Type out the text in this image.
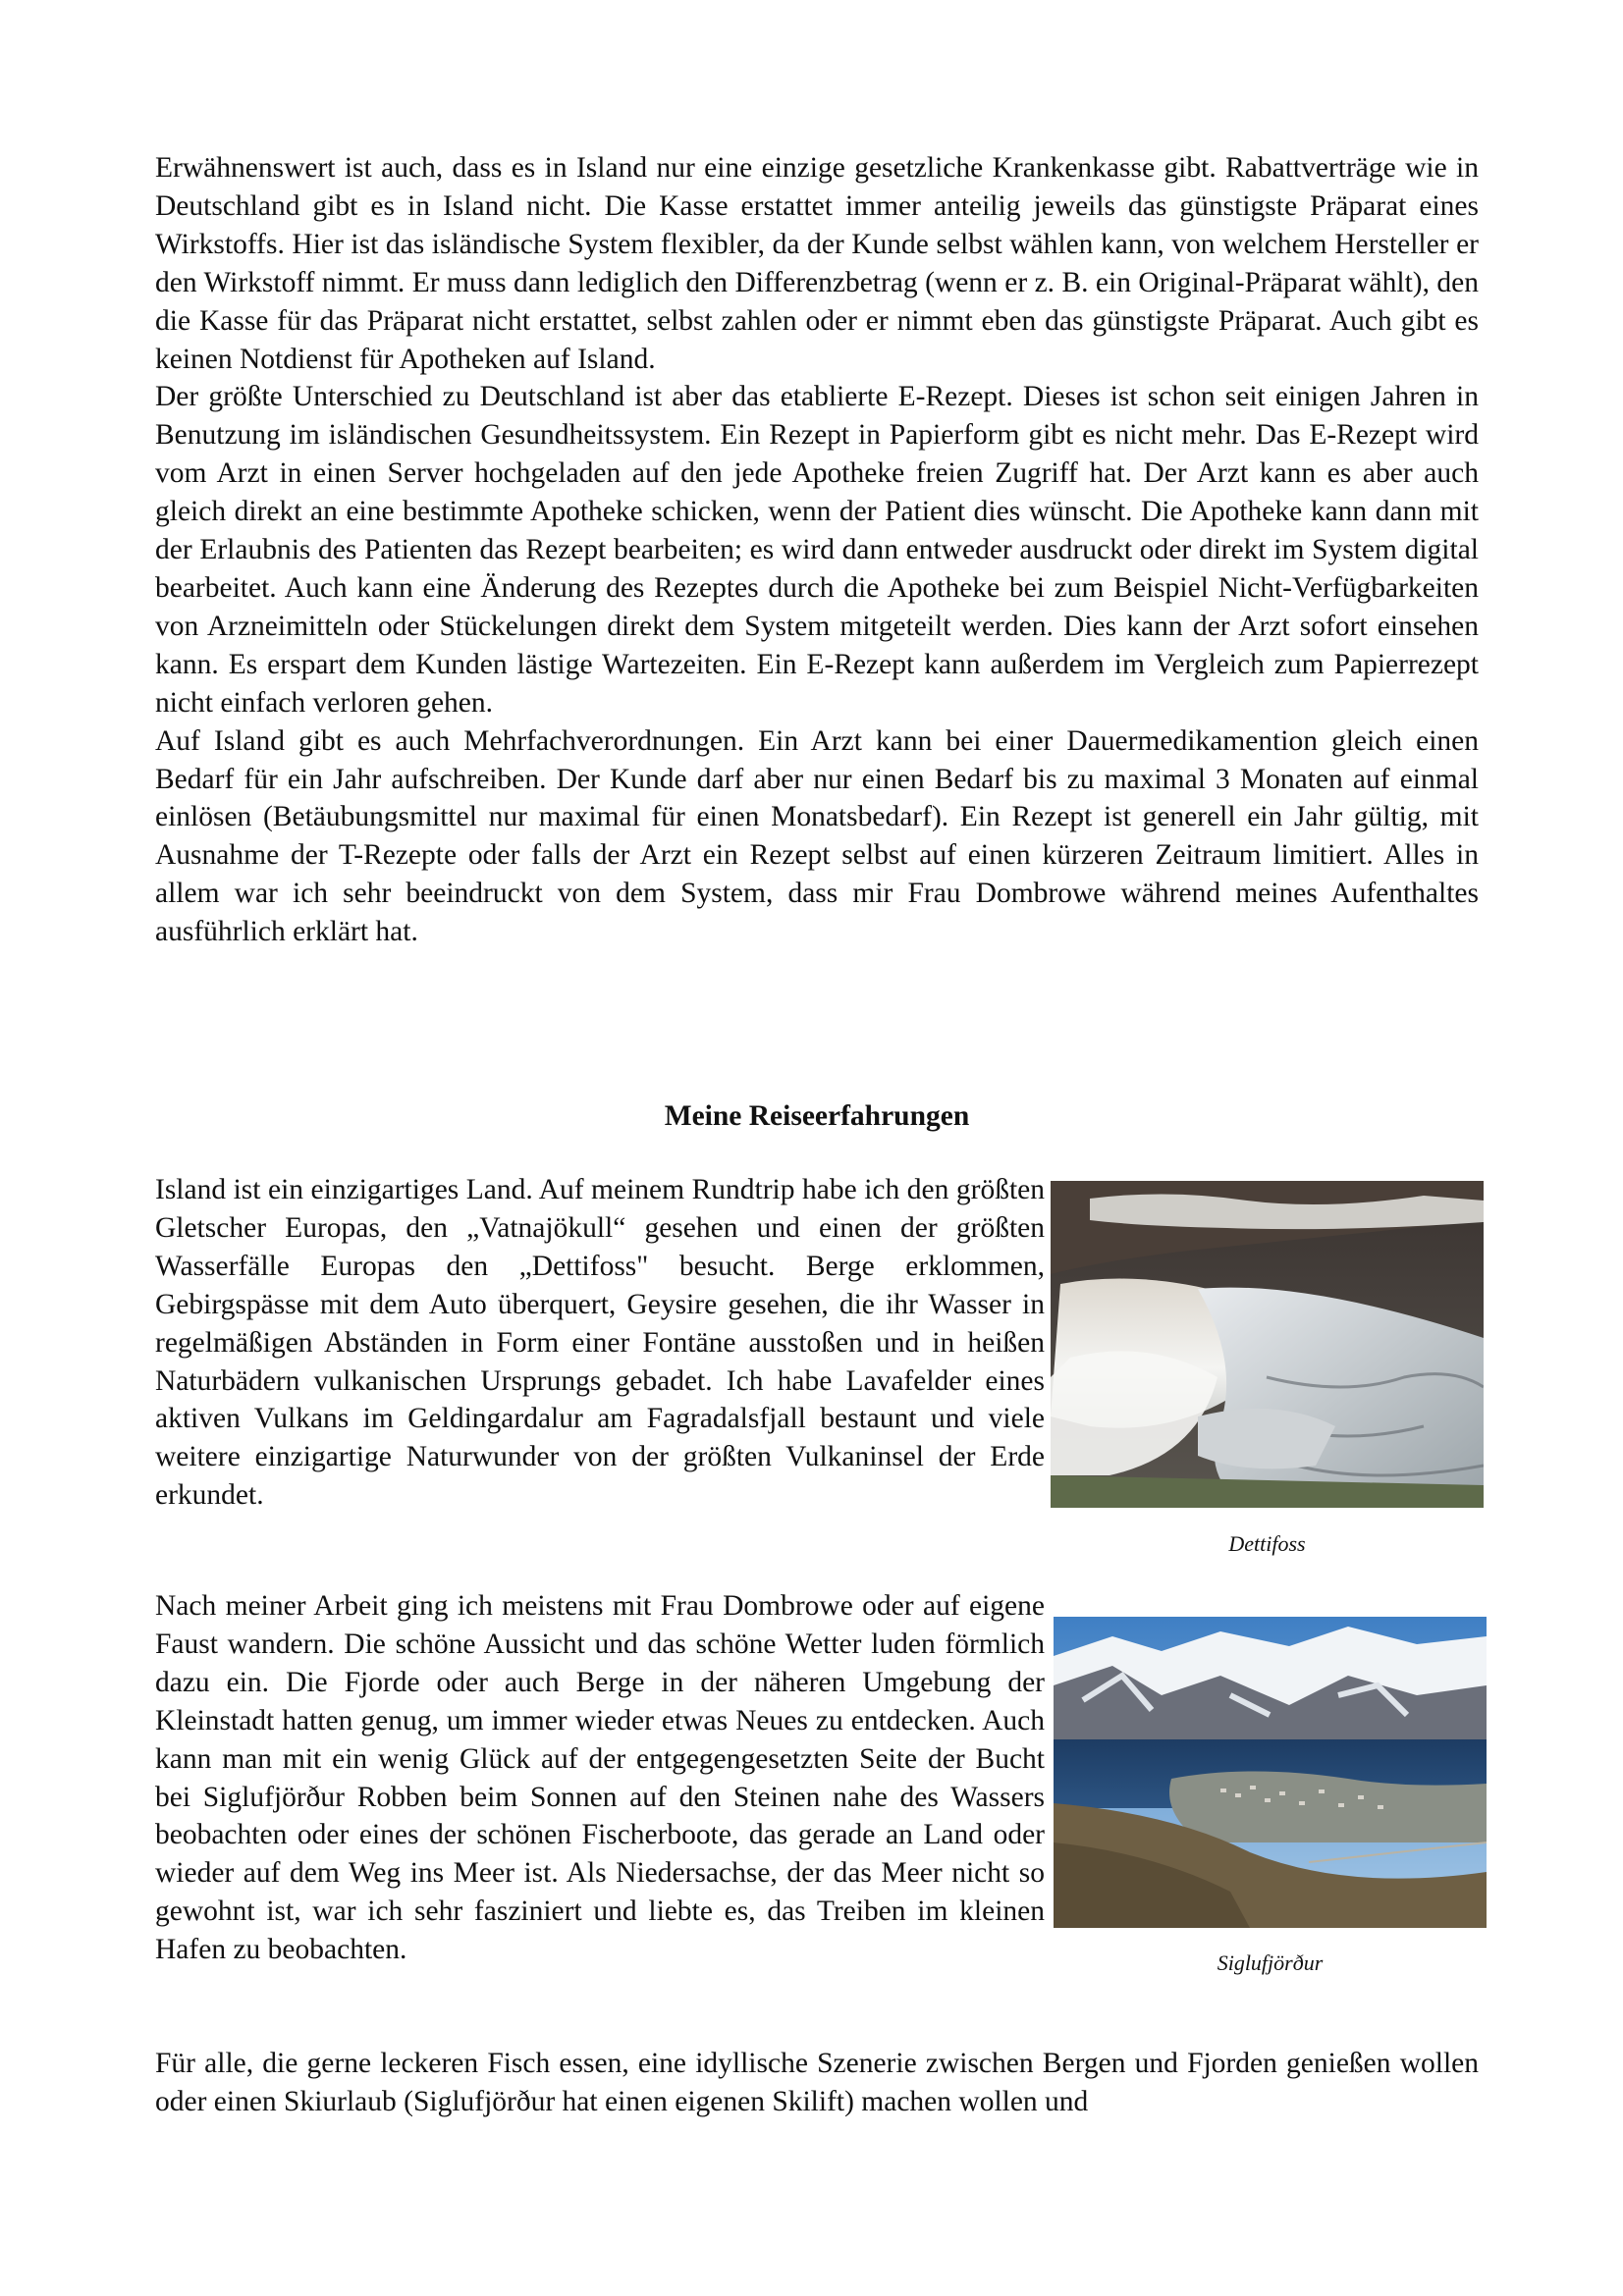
Erwähnenswert ist auch, dass es in Island nur eine einzige gesetzliche Krankenkasse gibt. Rabattverträge wie in Deutschland gibt es in Island nicht. Die Kasse erstattet immer anteilig jeweils das günstigste Präparat eines Wirkstoffs. Hier ist das isländische System flexibler, da der Kunde selbst wählen kann, von welchem Hersteller er den Wirkstoff nimmt. Er muss dann lediglich den Differenzbetrag (wenn er z. B. ein Original-Präparat wählt), den die Kasse für das Präparat nicht erstattet, selbst zahlen oder er nimmt eben das günstigste Präparat. Auch gibt es keinen Notdienst für Apotheken auf Island.

Der größte Unterschied zu Deutschland ist aber das etablierte E-Rezept. Dieses ist schon seit einigen Jahren in Benutzung im isländischen Gesundheitssystem. Ein Rezept in Papierform gibt es nicht mehr. Das E-Rezept wird vom Arzt in einen Server hochgeladen auf den jede Apotheke freien Zugriff hat. Der Arzt kann es aber auch gleich direkt an eine bestimmte Apotheke schicken, wenn der Patient dies wünscht. Die Apotheke kann dann mit der Erlaubnis des Patienten das Rezept bearbeiten; es wird dann entweder ausdruckt oder direkt im System digital bearbeitet. Auch kann eine Änderung des Rezeptes durch die Apotheke bei zum Beispiel Nicht-Verfügbarkeiten von Arzneimitteln oder Stückelungen direkt dem System mitgeteilt werden. Dies kann der Arzt sofort einsehen kann. Es erspart dem Kunden lästige Wartezeiten. Ein E-Rezept kann außerdem im Vergleich zum Papierrezept nicht einfach verloren gehen.

Auf Island gibt es auch Mehrfachverordnungen. Ein Arzt kann bei einer Dauermedikamention gleich einen Bedarf für ein Jahr aufschreiben. Der Kunde darf aber nur einen Bedarf bis zu maximal 3 Monaten auf einmal einlösen (Betäubungsmittel nur maximal für einen Monatsbedarf). Ein Rezept ist generell ein Jahr gültig, mit Ausnahme der T-Rezepte oder falls der Arzt ein Rezept selbst auf einen kürzeren Zeitraum limitiert. Alles in allem war ich sehr beeindruckt von dem System, dass mir Frau Dombrowe während meines Aufenthaltes ausführlich erklärt hat.

Meine Reiseerfahrungen

Island ist ein einzigartiges Land. Auf meinem Rundtrip habe ich den größten Gletscher Europas, den „Vatnajökull“ gesehen und einen der größten Wasserfälle Europas den „Dettifoss" besucht. Berge erklommen, Gebirgspässe mit dem Auto überquert, Geysire gesehen, die ihr Wasser in regelmäßigen Abständen in Form einer Fontäne ausstoßen und in heißen Naturbädern vulkanischen Ursprungs gebadet. Ich habe Lavafelder eines aktiven Vulkans im Geldingardalur am Fagradalsfjall bestaunt und viele weitere einzigartige Naturwunder von der größten Vulkaninsel der Erde erkundet.

Dettifoss

Nach meiner Arbeit ging ich meistens mit Frau Dombrowe oder auf eigene Faust wandern. Die schöne Aussicht und das schöne Wetter luden förmlich dazu ein. Die Fjorde oder auch Berge in der näheren Umgebung der Kleinstadt hatten genug, um immer wieder etwas Neues zu entdecken. Auch kann man mit ein wenig Glück auf der entgegengesetzten Seite der Bucht bei Siglufjörður Robben beim Sonnen auf den Steinen nahe des Wassers beobachten oder eines der schönen Fischerboote, das gerade an Land oder wieder auf dem Weg ins Meer ist. Als Niedersachse, der das Meer nicht so gewohnt ist, war ich sehr fasziniert und liebte es, das Treiben im kleinen Hafen zu beobachten.	Siglufjörður

Für alle, die gerne leckeren Fisch essen, eine idyllische Szenerie zwischen Bergen und Fjorden genießen wollen oder einen Skiurlaub (Siglufjörður hat einen eigenen Skilift) machen wollen und
